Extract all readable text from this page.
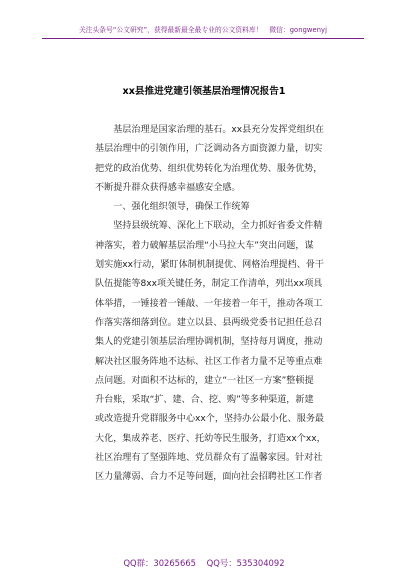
关注头条号“公文研究”，获得最新最全最专业的公文资料库！　微信：gongwenyj
xx县推进党建引领基层治理情况报告1
　　基层治理是国家治理的基石。xx县充分发挥党组织在
基层治理中的引领作用，广泛调动各方面资源力量，切实
把党的政治优势、组织优势转化为治理优势、服务优势，
不断提升群众获得感幸福感安全感。
　　一、强化组织领导，确保工作统筹
　　坚持县级统筹、深化上下联动，全力抓好省委文件精
神落实，着力破解基层治理“小马拉大车”突出问题，谋
划实施xx行动，紧盯体制机制提优、网格治理提档、骨干
队伍提能等8xx项关键任务，制定工作清单，列出xx项具
体举措，一锤接着一锤敲、一年接着一年干，推动各项工
作落实落细落到位。建立以县、县两级党委书记担任总召
集人的党建引领基层治理协调机制，坚持每月调度，推动
解决社区服务阵地不达标、社区工作者力量不足等重点难
点问题。对面积不达标的，建立“一社区一方案”整顿提
升台账，采取“扩、建、合、挖、购”等多种渠道，新建
或改造提升党群服务中心xx个，坚持办公最小化、服务最
大化，集成养老、医疗、托幼等民生服务，打造xx个xx，
社区治理有了坚强阵地、党员群众有了温馨家园。针对社
区力量薄弱、合力不足等问题，面向社会招聘社区工作者
QQ群：30265665 QQ号：535304092
